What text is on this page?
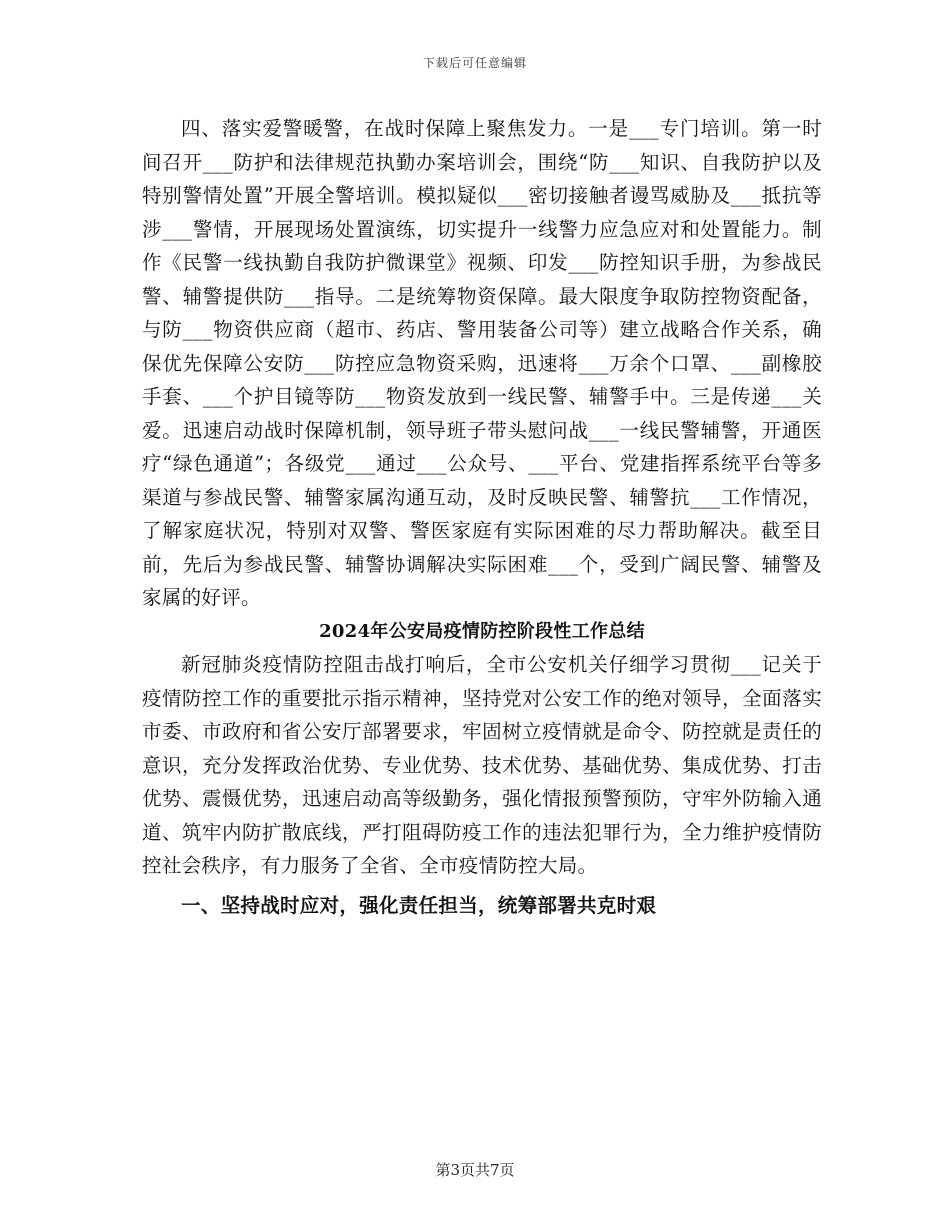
下载后可任意编辑

四、落实爱警暖警，在战时保障上聚焦发力。一是___专门培训。第一时间召开___防护和法律规范执勤办案培训会，围绕“防___知识、自我防护以及特别警情处置”开展全警培训。模拟疑似___密切接触者谩骂威胁及___抵抗等涉___警情，开展现场处置演练，切实提升一线警力应急应对和处置能力。制作《民警一线执勤自我防护微课堂》视频、印发___防控知识手册，为参战民警、辅警提供防___指导。二是统筹物资保障。最大限度争取防控物资配备，与防___物资供应商（超市、药店、警用装备公司等）建立战略合作关系，确保优先保障公安防___防控应急物资采购，迅速将___万余个口罩、___副橡胶手套、___个护目镜等防___物资发放到一线民警、辅警手中。三是传递___关爱。迅速启动战时保障机制，领导班子带头慰问战___一线民警辅警，开通医疗“绿色通道”；各级党___通过___公众号、___平台、党建指挥系统平台等多渠道与参战民警、辅警家属沟通互动，及时反映民警、辅警抗___工作情况，了解家庭状况，特别对双警、警医家庭有实际困难的尽力帮助解决。截至目前，先后为参战民警、辅警协调解决实际困难___个，受到广阔民警、辅警及家属的好评。

2024年公安局疫情防控阶段性工作总结

新冠肺炎疫情防控阻击战打响后，全市公安机关仔细学习贯彻___记关于疫情防控工作的重要批示指示精神，坚持党对公安工作的绝对领导，全面落实市委、市政府和省公安厅部署要求，牢固树立疫情就是命令、防控就是责任的意识，充分发挥政治优势、专业优势、技术优势、基础优势、集成优势、打击优势、震慑优势，迅速启动高等级勤务，强化情报预警预防，守牢外防输入通道、筑牢内防扩散底线，严打阻碍防疫工作的违法犯罪行为，全力维护疫情防控社会秩序，有力服务了全省、全市疫情防控大局。

一、坚持战时应对，强化责任担当，统筹部署共克时艰

第3页共7页
